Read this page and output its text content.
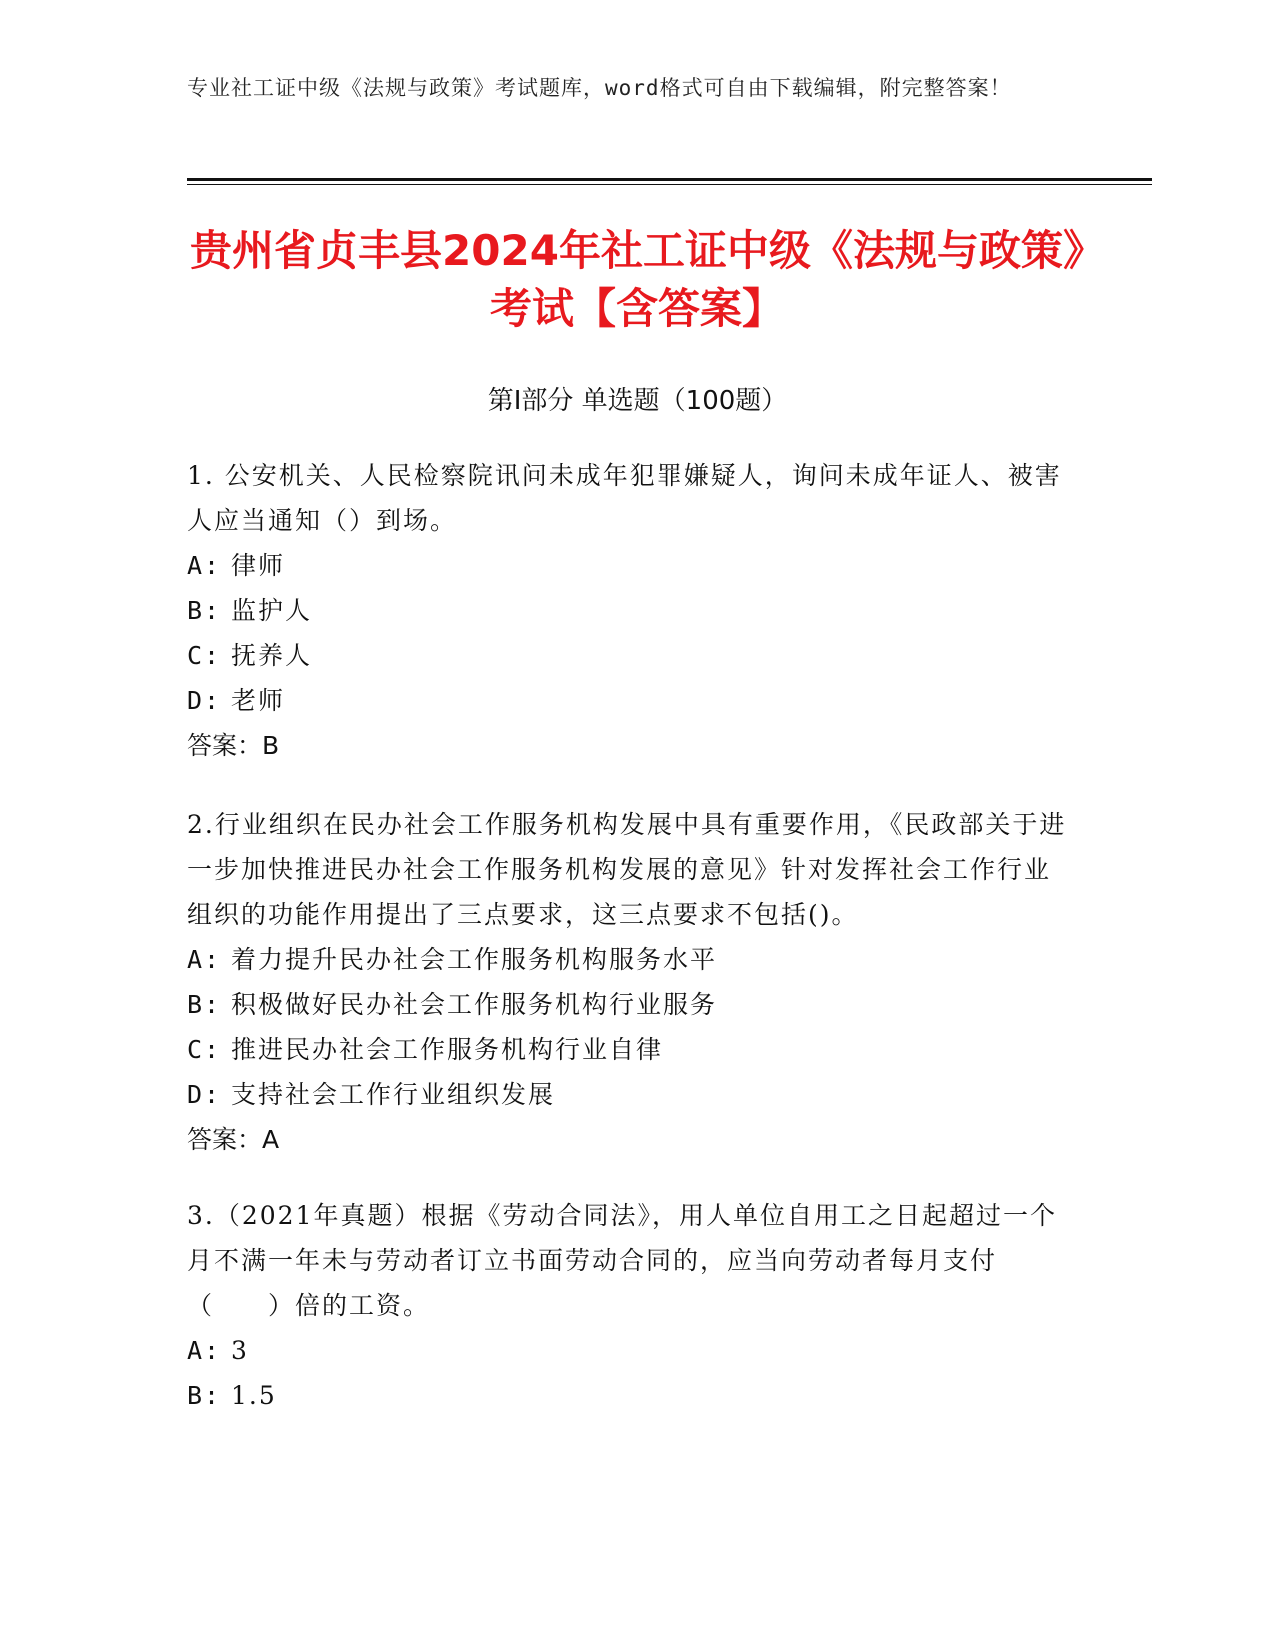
专业社工证中级《法规与政策》考试题库，word格式可自由下载编辑，附完整答案！
贵州省贞丰县2024年社工证中级《法规与政策》考试【含答案】
第Ⅰ部分 单选题（100题）

1. 公安机关、人民检察院讯问未成年犯罪嫌疑人，询问未成年证人、被害人应当通知（）到场。

A: 律师

B: 监护人

C: 抚养人

D: 老师

答案：B

2.行业组织在民办社会工作服务机构发展中具有重要作用，《民政部关于进一步加快推进民办社会工作服务机构发展的意见》针对发挥社会工作行业组织的功能作用提出了三点要求，这三点要求不包括()。

A: 着力提升民办社会工作服务机构服务水平

B: 积极做好民办社会工作服务机构行业服务

C: 推进民办社会工作服务机构行业自律

D: 支持社会工作行业组织发展

答案：A

3.（2021年真题）根据《劳动合同法》，用人单位自用工之日起超过一个月不满一年未与劳动者订立书面劳动合同的，应当向劳动者每月支付（　　）倍的工资。

A: 3

B: 1.5
